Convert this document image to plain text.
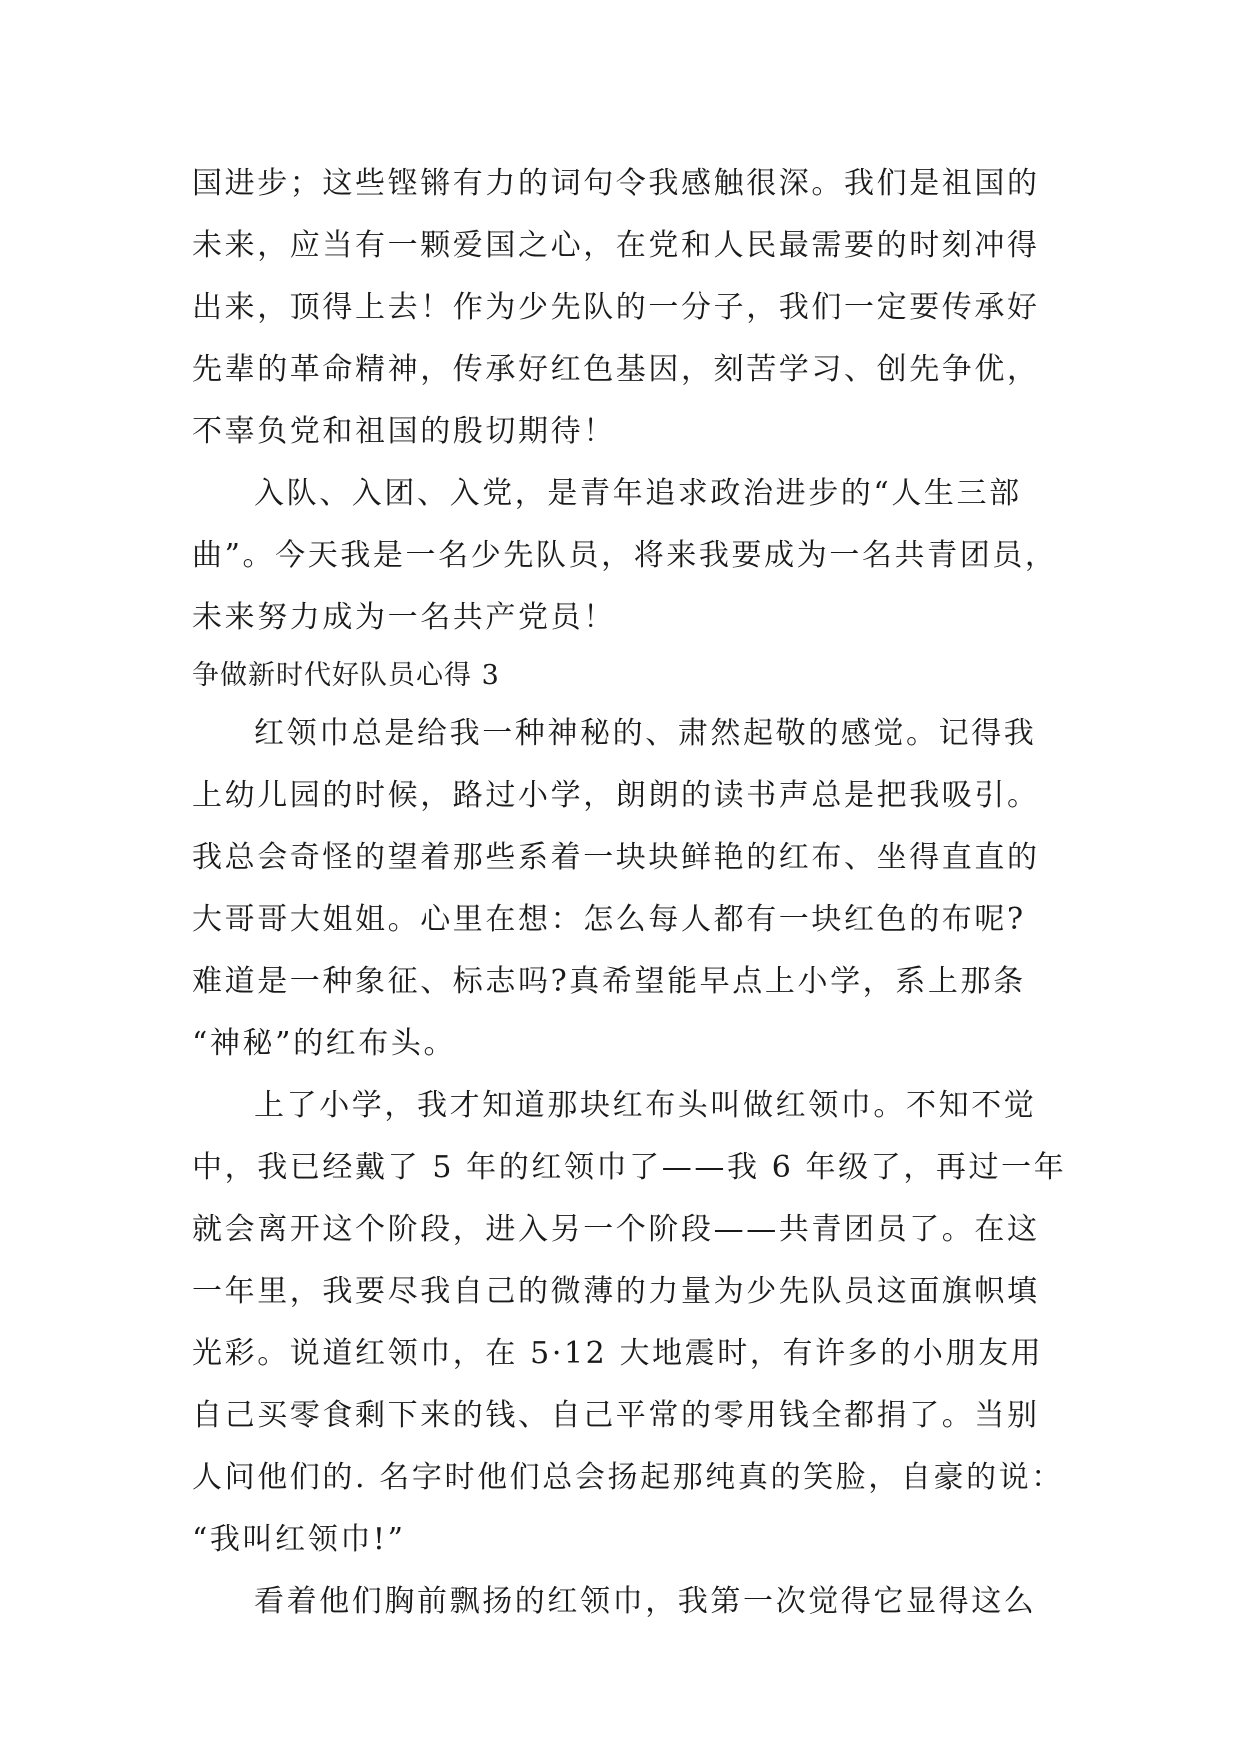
国进步；这些铿锵有力的词句令我感触很深。我们是祖国的
未来，应当有一颗爱国之心，在党和人民最需要的时刻冲得
出来，顶得上去！作为少先队的一分子，我们一定要传承好
先辈的革命精神，传承好红色基因，刻苦学习、创先争优，
不辜负党和祖国的殷切期待！
入队、入团、入党，是青年追求政治进步的“人生三部
曲”。今天我是一名少先队员，将来我要成为一名共青团员，
未来努力成为一名共产党员！
争做新时代好队员心得 3
红领巾总是给我一种神秘的、肃然起敬的感觉。记得我
上幼儿园的时候，路过小学，朗朗的读书声总是把我吸引。
我总会奇怪的望着那些系着一块块鲜艳的红布、坐得直直的
大哥哥大姐姐。心里在想：怎么每人都有一块红色的布呢?
难道是一种象征、标志吗?真希望能早点上小学，系上那条
“神秘”的红布头。
上了小学，我才知道那块红布头叫做红领巾。不知不觉
中，我已经戴了 5 年的红领巾了——我 6 年级了，再过一年
就会离开这个阶段，进入另一个阶段——共青团员了。在这
一年里，我要尽我自己的微薄的力量为少先队员这面旗帜填
光彩。说道红领巾，在 5·12 大地震时，有许多的小朋友用
自己买零食剩下来的钱、自己平常的零用钱全都捐了。当别
人问他们的. 名字时他们总会扬起那纯真的笑脸，自豪的说：
“我叫红领巾!”
看着他们胸前飘扬的红领巾，我第一次觉得它显得这么
